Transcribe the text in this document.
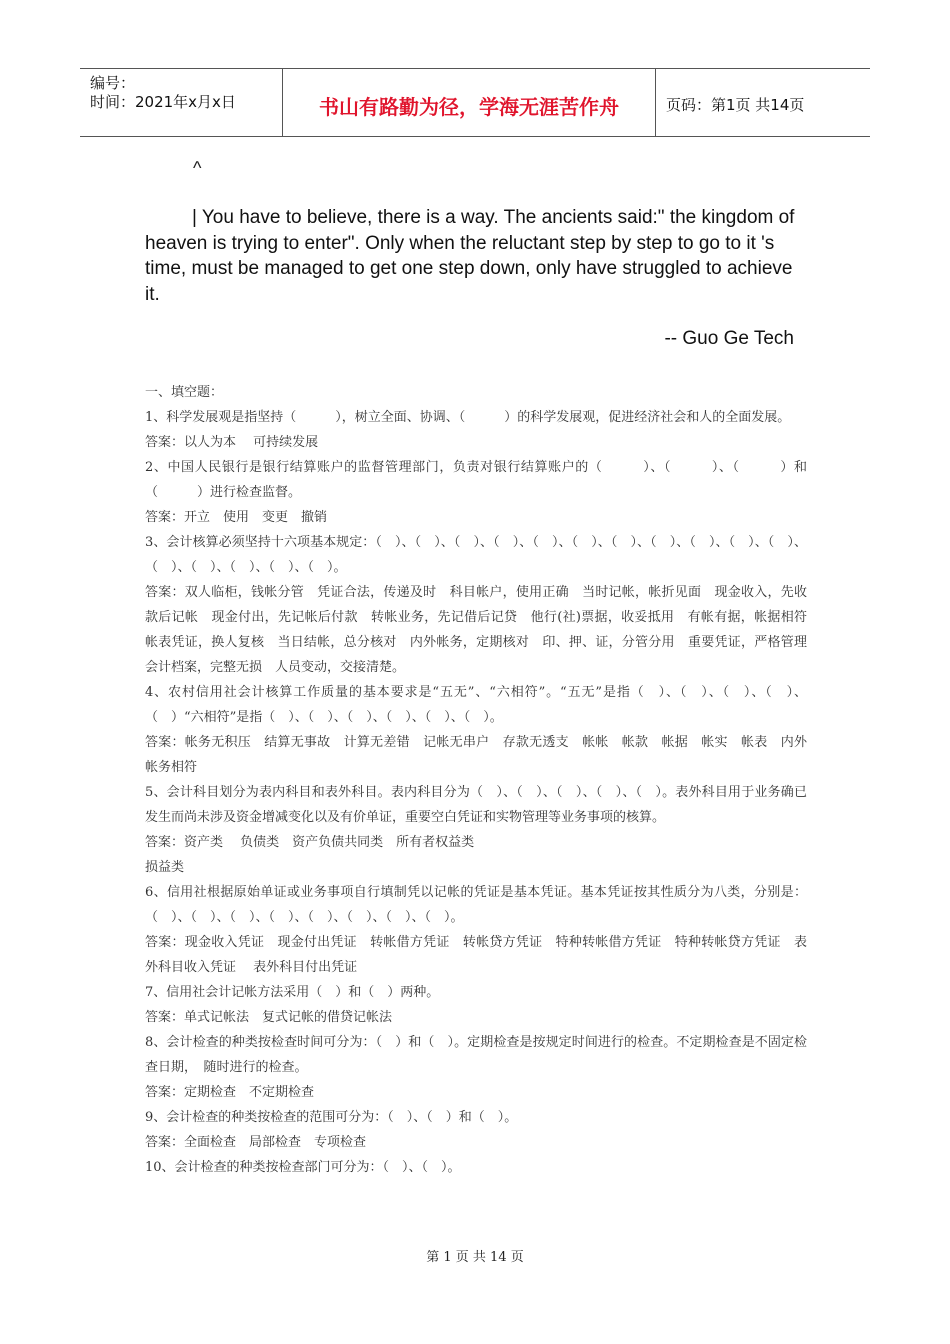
编号：
时间：2021年x月x日	书山有路勤为径，学海无涯苦作舟	页码：第1页 共14页
^
| You have to believe, there is a way. The ancients said:" the kingdom of heaven is trying to enter". Only when the reluctant step by step to go to it 's time, must be managed to get one step down, only have struggled to achieve it.
-- Guo Ge Tech

一、填空题：

1、科学发展观是指坚持（　　　），树立全面、协调、（　　　）的科学发展观，促进经济社会和人的全面发展。

答案：以人为本　 可持续发展

2、中国人民银行是银行结算账户的监督管理部门，负责对银行结算账户的（　　　）、（　　　）、（　　　）和（　　　）进行检查监督。

答案：开立　使用　变更　撤销

3、会计核算必须坚持十六项基本规定：（　）、（　）、（　）、（　）、（　）、（　）、（　）、（　）、（　）、（　）、（　）、（　）、（　）、（　）、（　）、（　）。

答案：双人临柜，钱帐分管　凭证合法，传递及时　科目帐户，使用正确　当时记帐，帐折见面　现金收入，先收款后记帐　现金付出，先记帐后付款　转帐业务，先记借后记贷　他行(社)票据，收妥抵用　有帐有据，帐据相符　帐表凭证，换人复核　当日结帐，总分核对　内外帐务，定期核对　印、押、证，分管分用　重要凭证，严格管理　会计档案，完整无损　人员变动，交接清楚。

4、农村信用社会计核算工作质量的基本要求是“五无”、“六相符”。“五无”是指（　）、（　）、（　）、（　）、（　）“六相符”是指（　）、（　）、（　）、（　）、（　）、（　）。

答案：帐务无积压　结算无事故　计算无差错　记帐无串户　存款无透支　帐帐　帐款　帐据　帐实　帐表　内外帐务相符

5、会计科目划分为表内科目和表外科目。表内科目分为（　）、（　）、（　）、（　）、（　）。表外科目用于业务确已发生而尚未涉及资金增减变化以及有价单证，重要空白凭证和实物管理等业务事项的核算。

答案：资产类　 负债类　资产负债共同类　所有者权益类

损益类

6、信用社根据原始单证或业务事项自行填制凭以记帐的凭证是基本凭证。基本凭证按其性质分为八类，分别是：（　）、（　）、（　）、（　）、（　）、（　）、（　）、（　）。

答案：现金收入凭证　现金付出凭证　转帐借方凭证　转帐贷方凭证　特种转帐借方凭证　特种转帐贷方凭证　表外科目收入凭证　 表外科目付出凭证

7、信用社会计记帐方法采用（　）和（　）两种。

答案：单式记帐法　复式记帐的借贷记帐法

8、会计检查的种类按检查时间可分为：（　）和（　）。定期检查是按规定时间进行的检查。不定期检查是不固定检查日期，　随时进行的检查。

答案：定期检查　不定期检查

9、会计检查的种类按检查的范围可分为：（　）、（　）和（　）。

答案：全面检查　局部检查　专项检查

10、会计检查的种类按检查部门可分为：（　）、（　）。

第 1 页 共 14 页
